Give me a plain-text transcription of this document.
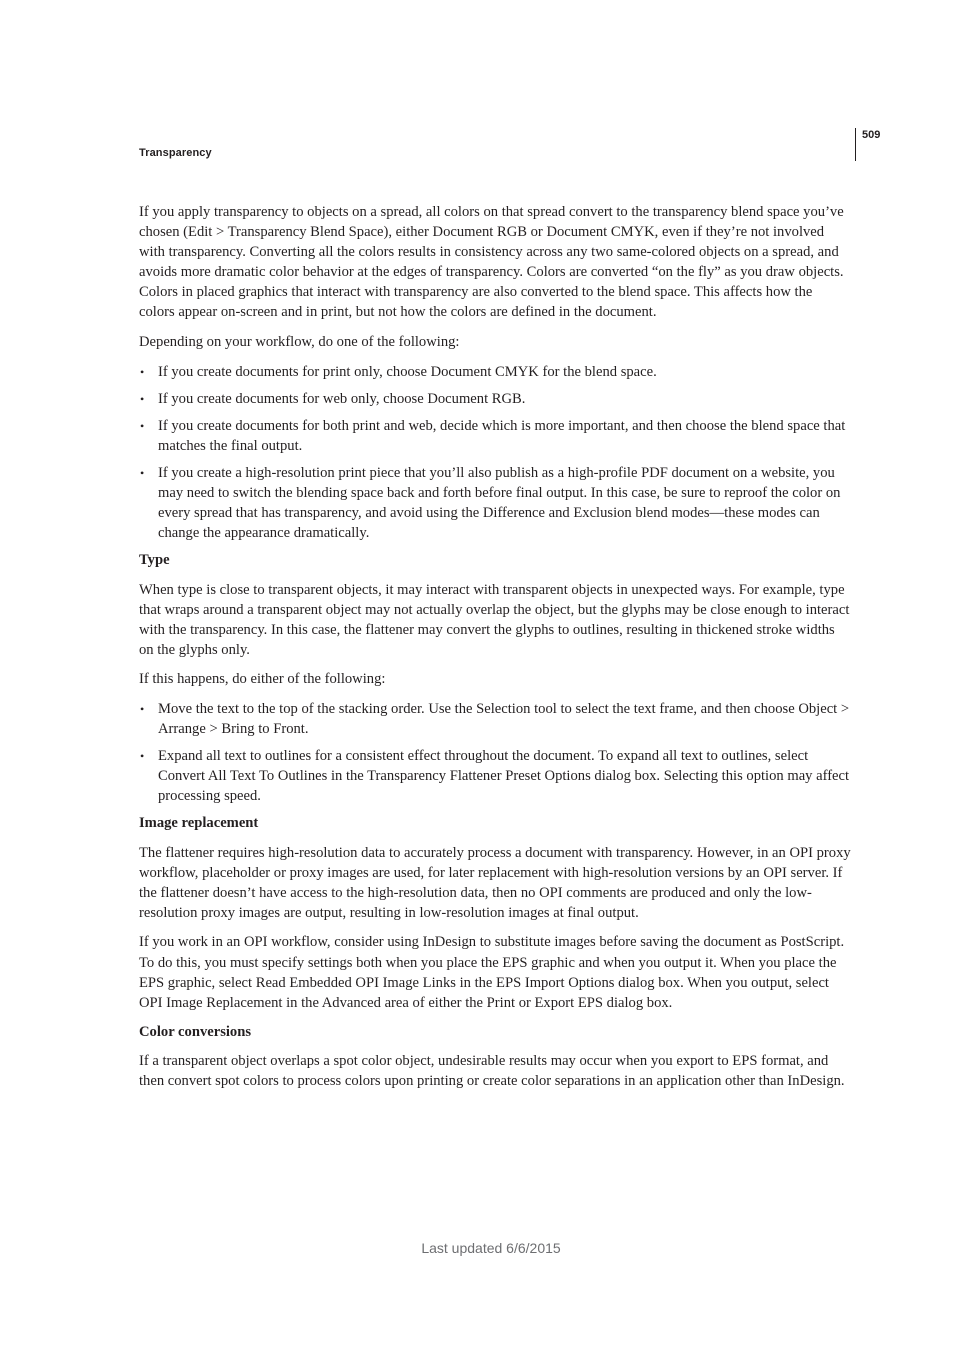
Transparency
509

If you apply transparency to objects on a spread, all colors on that spread convert to the transparency blend space you’ve chosen (Edit > Transparency Blend Space), either Document RGB or Document CMYK, even if they’re not involved with transparency. Converting all the colors results in consistency across any two same-colored objects on a spread, and avoids more dramatic color behavior at the edges of transparency. Colors are converted “on the fly” as you draw objects. Colors in placed graphics that interact with transparency are also converted to the blend space. This affects how the colors appear on-screen and in print, but not how the colors are defined in the document.

Depending on your workflow, do one of the following:

• If you create documents for print only, choose Document CMYK for the blend space.
• If you create documents for web only, choose Document RGB.
• If you create documents for both print and web, decide which is more important, and then choose the blend space that matches the final output.
• If you create a high-resolution print piece that you’ll also publish as a high-profile PDF document on a website, you may need to switch the blending space back and forth before final output. In this case, be sure to reproof the color on every spread that has transparency, and avoid using the Difference and Exclusion blend modes—these modes can change the appearance dramatically.
Type

When type is close to transparent objects, it may interact with transparent objects in unexpected ways. For example, type that wraps around a transparent object may not actually overlap the object, but the glyphs may be close enough to interact with the transparency. In this case, the flattener may convert the glyphs to outlines, resulting in thickened stroke widths on the glyphs only.

If this happens, do either of the following:

• Move the text to the top of the stacking order. Use the Selection tool to select the text frame, and then choose Object > Arrange > Bring to Front.
• Expand all text to outlines for a consistent effect throughout the document. To expand all text to outlines, select Convert All Text To Outlines in the Transparency Flattener Preset Options dialog box. Selecting this option may affect processing speed.
Image replacement

The flattener requires high-resolution data to accurately process a document with transparency. However, in an OPI proxy workflow, placeholder or proxy images are used, for later replacement with high-resolution versions by an OPI server. If the flattener doesn’t have access to the high-resolution data, then no OPI comments are produced and only the low-resolution proxy images are output, resulting in low-resolution images at final output.

If you work in an OPI workflow, consider using InDesign to substitute images before saving the document as PostScript. To do this, you must specify settings both when you place the EPS graphic and when you output it. When you place the EPS graphic, select Read Embedded OPI Image Links in the EPS Import Options dialog box. When you output, select OPI Image Replacement in the Advanced area of either the Print or Export EPS dialog box.

Color conversions

If a transparent object overlaps a spot color object, undesirable results may occur when you export to EPS format, and then convert spot colors to process colors upon printing or create color separations in an application other than InDesign.

Last updated 6/6/2015
